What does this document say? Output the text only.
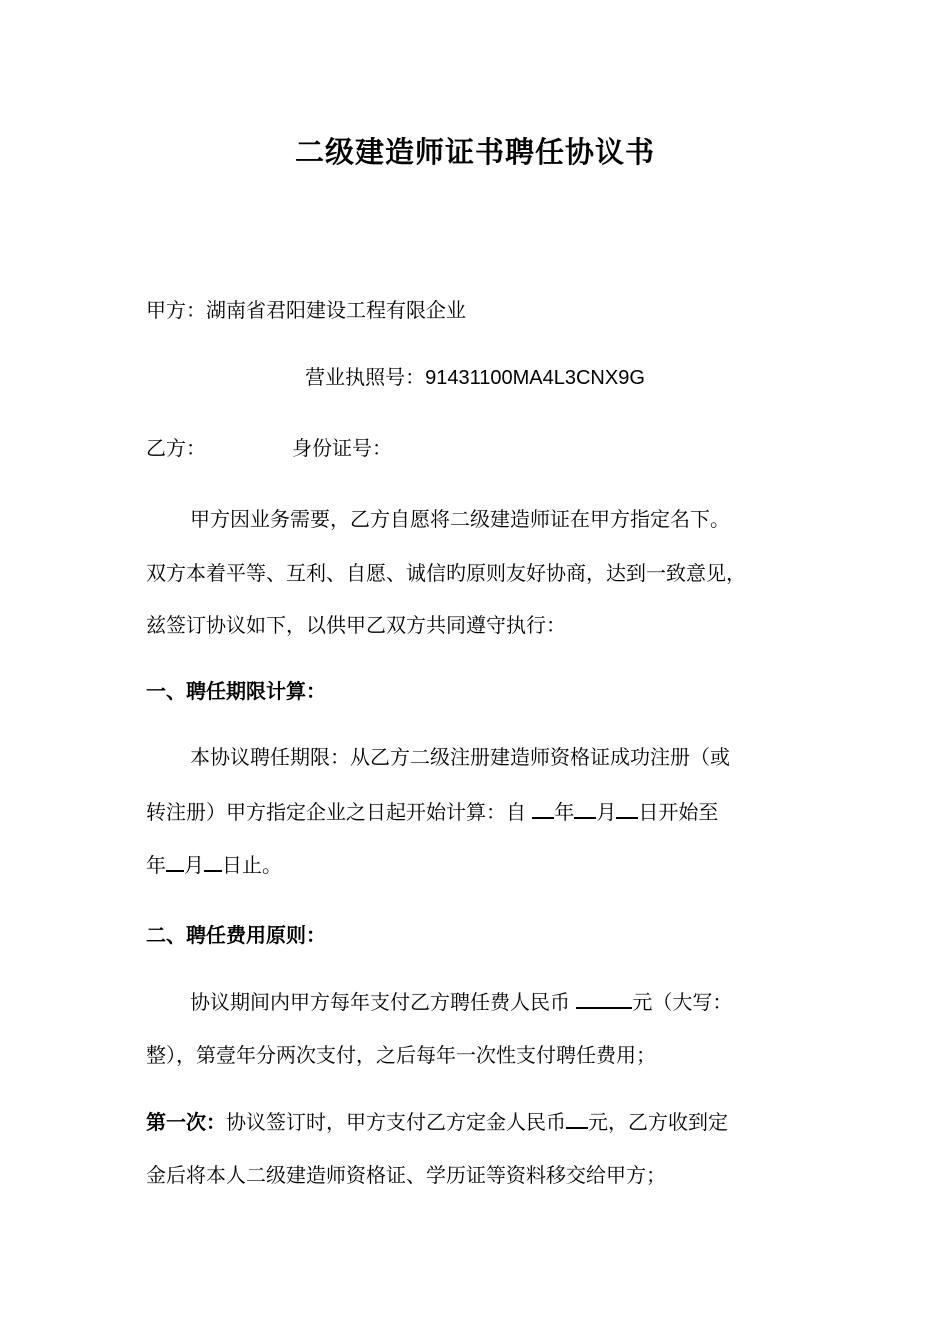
二级建造师证书聘任协议书
甲方：湖南省君阳建设工程有限企业
营业执照号：91431100MA4L3CNX9G
乙方：	身份证号：
甲方因业务需要，乙方自愿将二级建造师证在甲方指定名下。
双方本着平等、互利、自愿、诚信旳原则友好协商，达到一致意见，
兹签订协议如下，以供甲乙双方共同遵守执行：
一、聘任期限计算：
本协议聘任期限：从乙方二级注册建造师资格证成功注册（或
转注册）甲方指定企业之日起开始计算：自 年 月 日开始至
年 月 日止。
二、聘任费用原则：
协议期间内甲方每年支付乙方聘任费人民币	元（大写：
整），第壹年分两次支付，之后每年一次性支付聘任费用；
第一次：协议签订时，甲方支付乙方定金人民币 元，乙方收到定
金后将本人二级建造师资格证、学历证等资料移交给甲方；
